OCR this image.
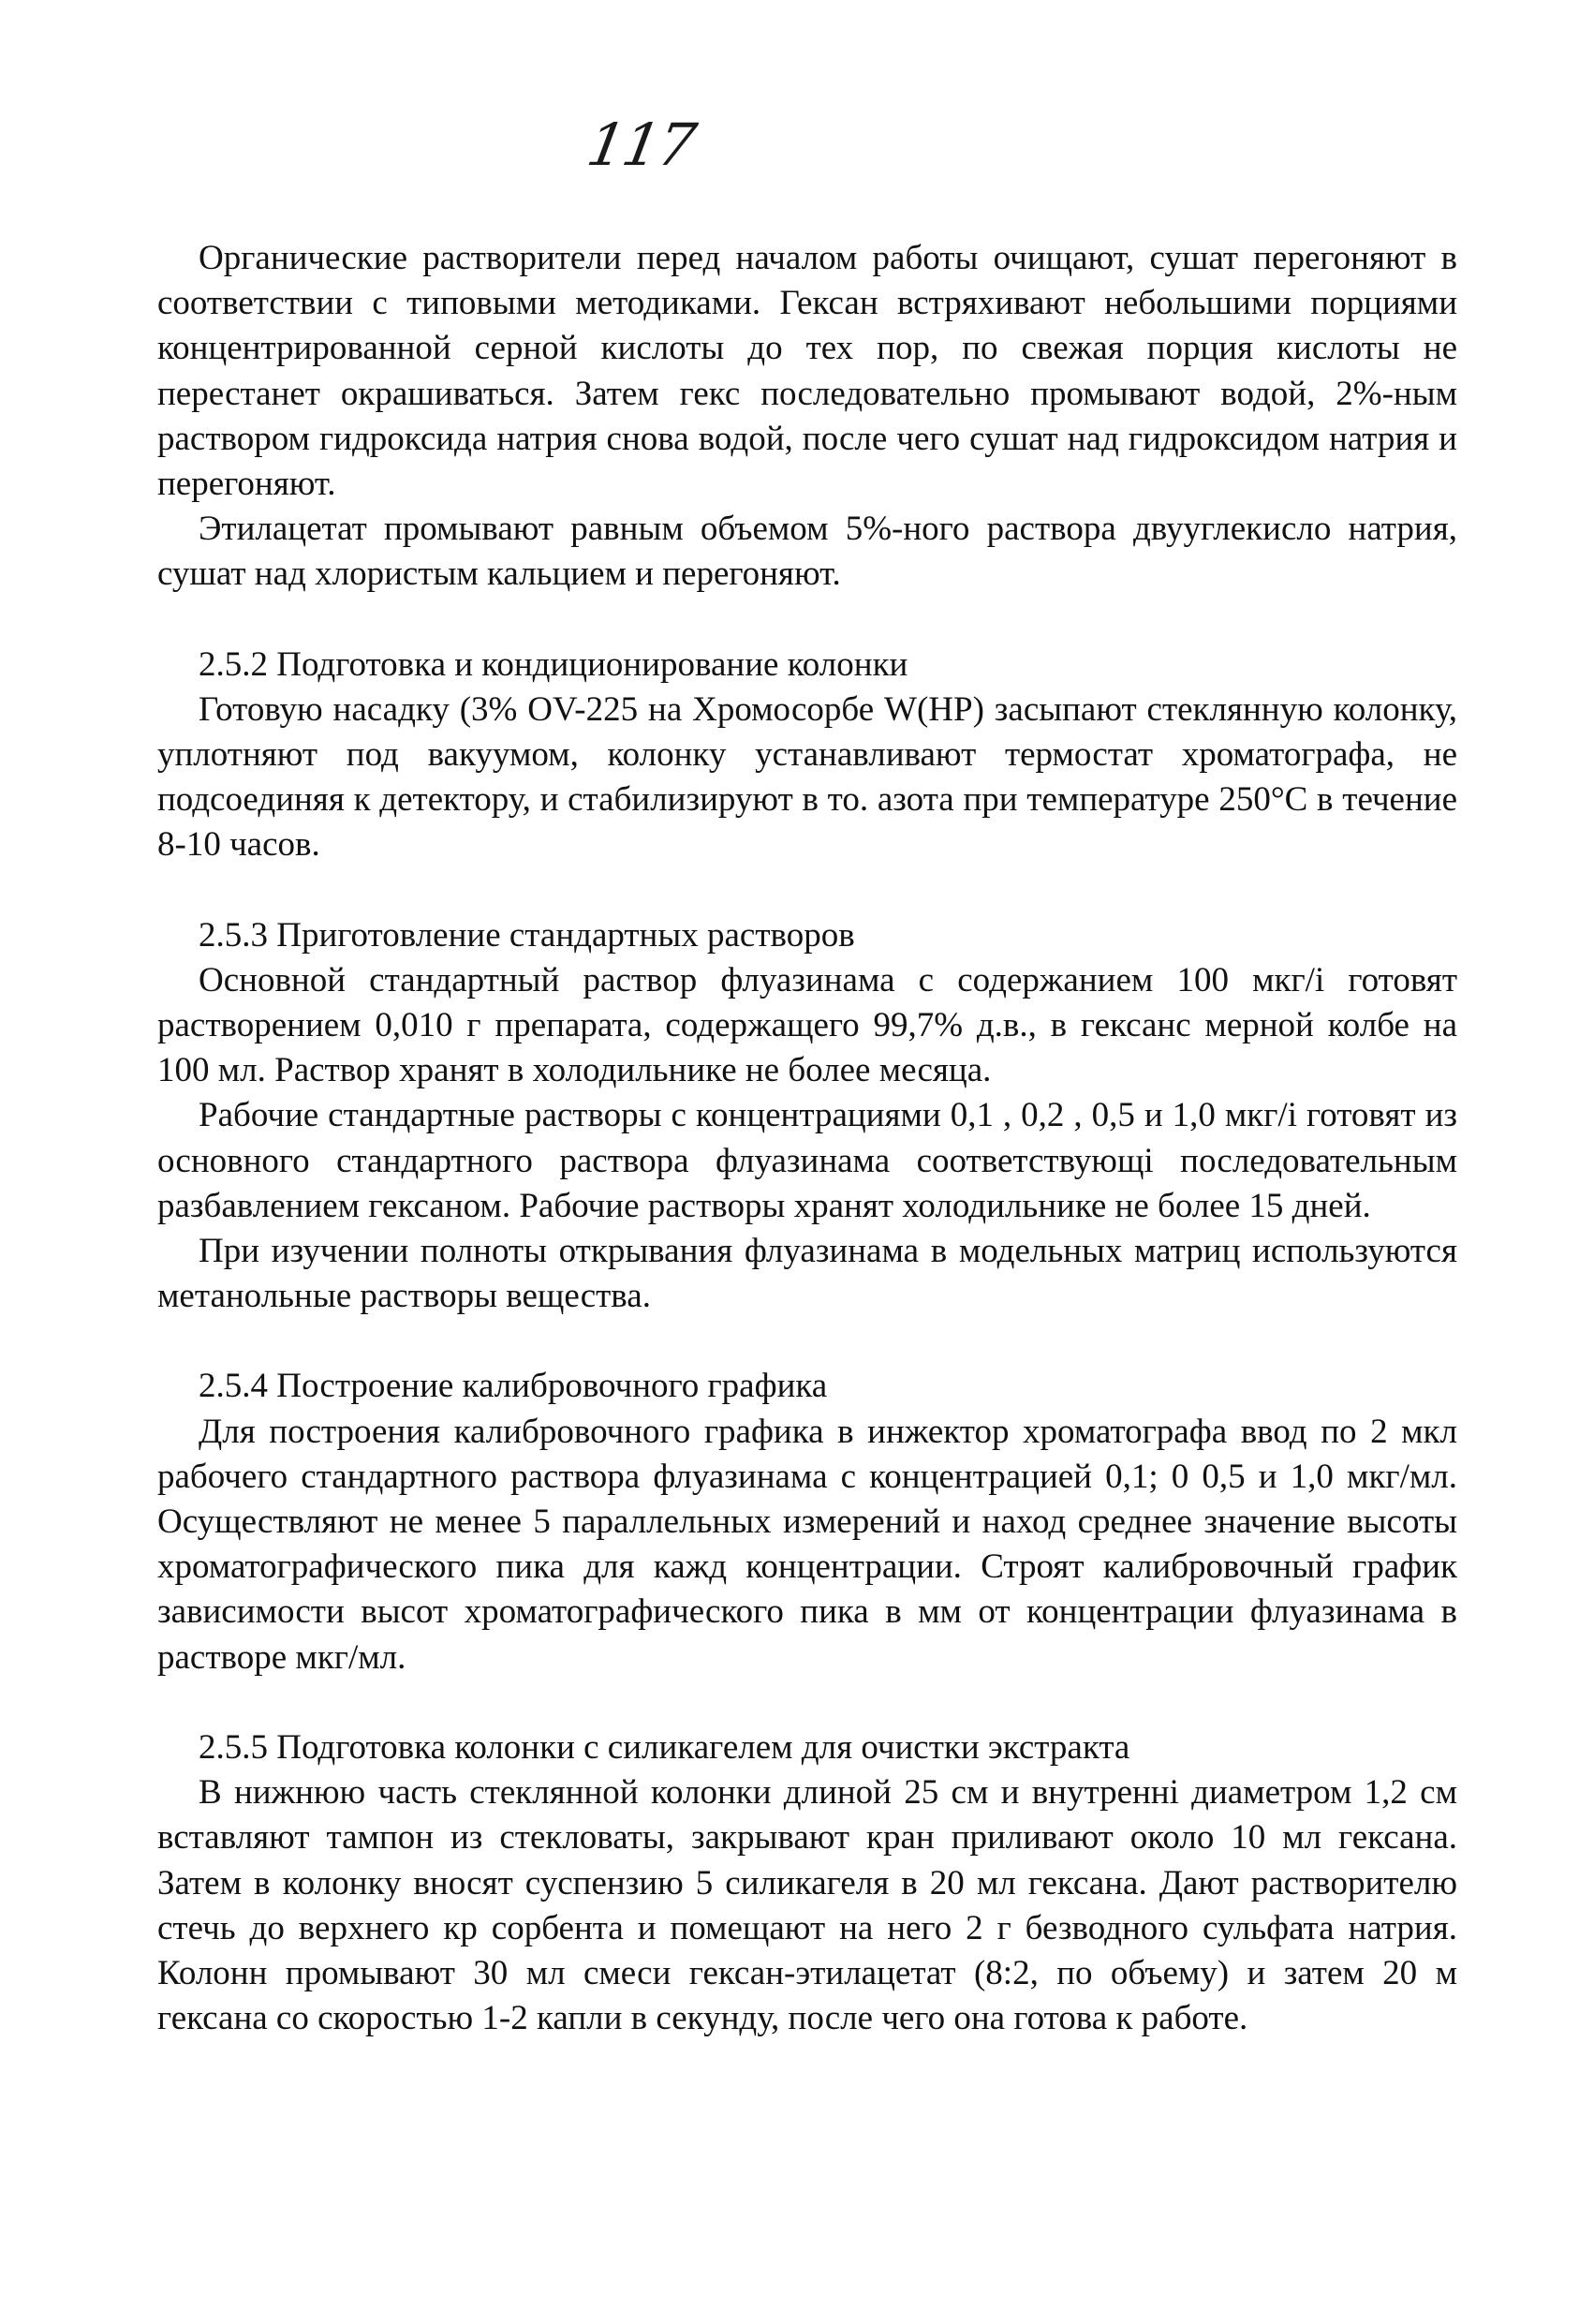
117

Органические растворители перед началом работы очищают, сушат перегоняют в соответствии с типовыми методиками. Гексан встряхивают небольшими порциями концентрированной серной кислоты до тех пор, по свежая порция кислоты не перестанет окрашиваться. Затем гекс последовательно промывают водой, 2%-ным раствором гидроксида натрия снова водой, после чего сушат над гидроксидом натрия и перегоняют.

Этилацетат промывают равным объемом 5%-ного раствора двууглекисло натрия, сушат над хлористым кальцием и перегоняют.

2.5.2 Подготовка и кондиционирование колонки

Готовую насадку (3% OV-225 на Хромосорбе W(HP) засыпают стеклянную колонку, уплотняют под вакуумом, колонку устанавливают термостат хроматографа, не подсоединяя к детектору, и стабилизируют в то. азота при температуре 250°С в течение 8-10 часов.

2.5.3 Приготовление стандартных растворов

Основной стандартный раствор флуазинама с содержанием 100 мкг/і готовят растворением 0,010 г препарата, содержащего 99,7% д.в., в гексанс мерной колбе на 100 мл. Раствор хранят в холодильнике не более месяца.

Рабочие стандартные растворы с концентрациями 0,1 , 0,2 , 0,5 и 1,0 мкг/і готовят из основного стандартного раствора флуазинама соответствующі последовательным разбавлением гексаном. Рабочие растворы хранят холодильнике не более 15 дней.

При изучении полноты открывания флуазинама в модельных матриц используются метанольные растворы вещества.

2.5.4 Построение калибровочного графика

Для построения калибровочного графика в инжектор хроматографа ввод по 2 мкл рабочего стандартного раствора флуазинама с концентрацией 0,1; 0 0,5 и 1,0 мкг/мл. Осуществляют не менее 5 параллельных измерений и наход среднее значение высоты хроматографического пика для кажд концентрации. Строят калибровочный график зависимости высот хроматографического пика в мм от концентрации флуазинама в растворе мкг/мл.

2.5.5 Подготовка колонки с силикагелем для очистки экстракта

В нижнюю часть стеклянной колонки длиной 25 см и внутренні диаметром 1,2 см вставляют тампон из стекловаты, закрывают кран приливают около 10 мл гексана. Затем в колонку вносят суспензию 5 силикагеля в 20 мл гексана. Дают растворителю стечь до верхнего кр сорбента и помещают на него 2 г безводного сульфата натрия. Колонн промывают 30 мл смеси гексан-этилацетат (8:2, по объему) и затем 20 м гексана со скоростью 1-2 капли в секунду, после чего она готова к работе.
